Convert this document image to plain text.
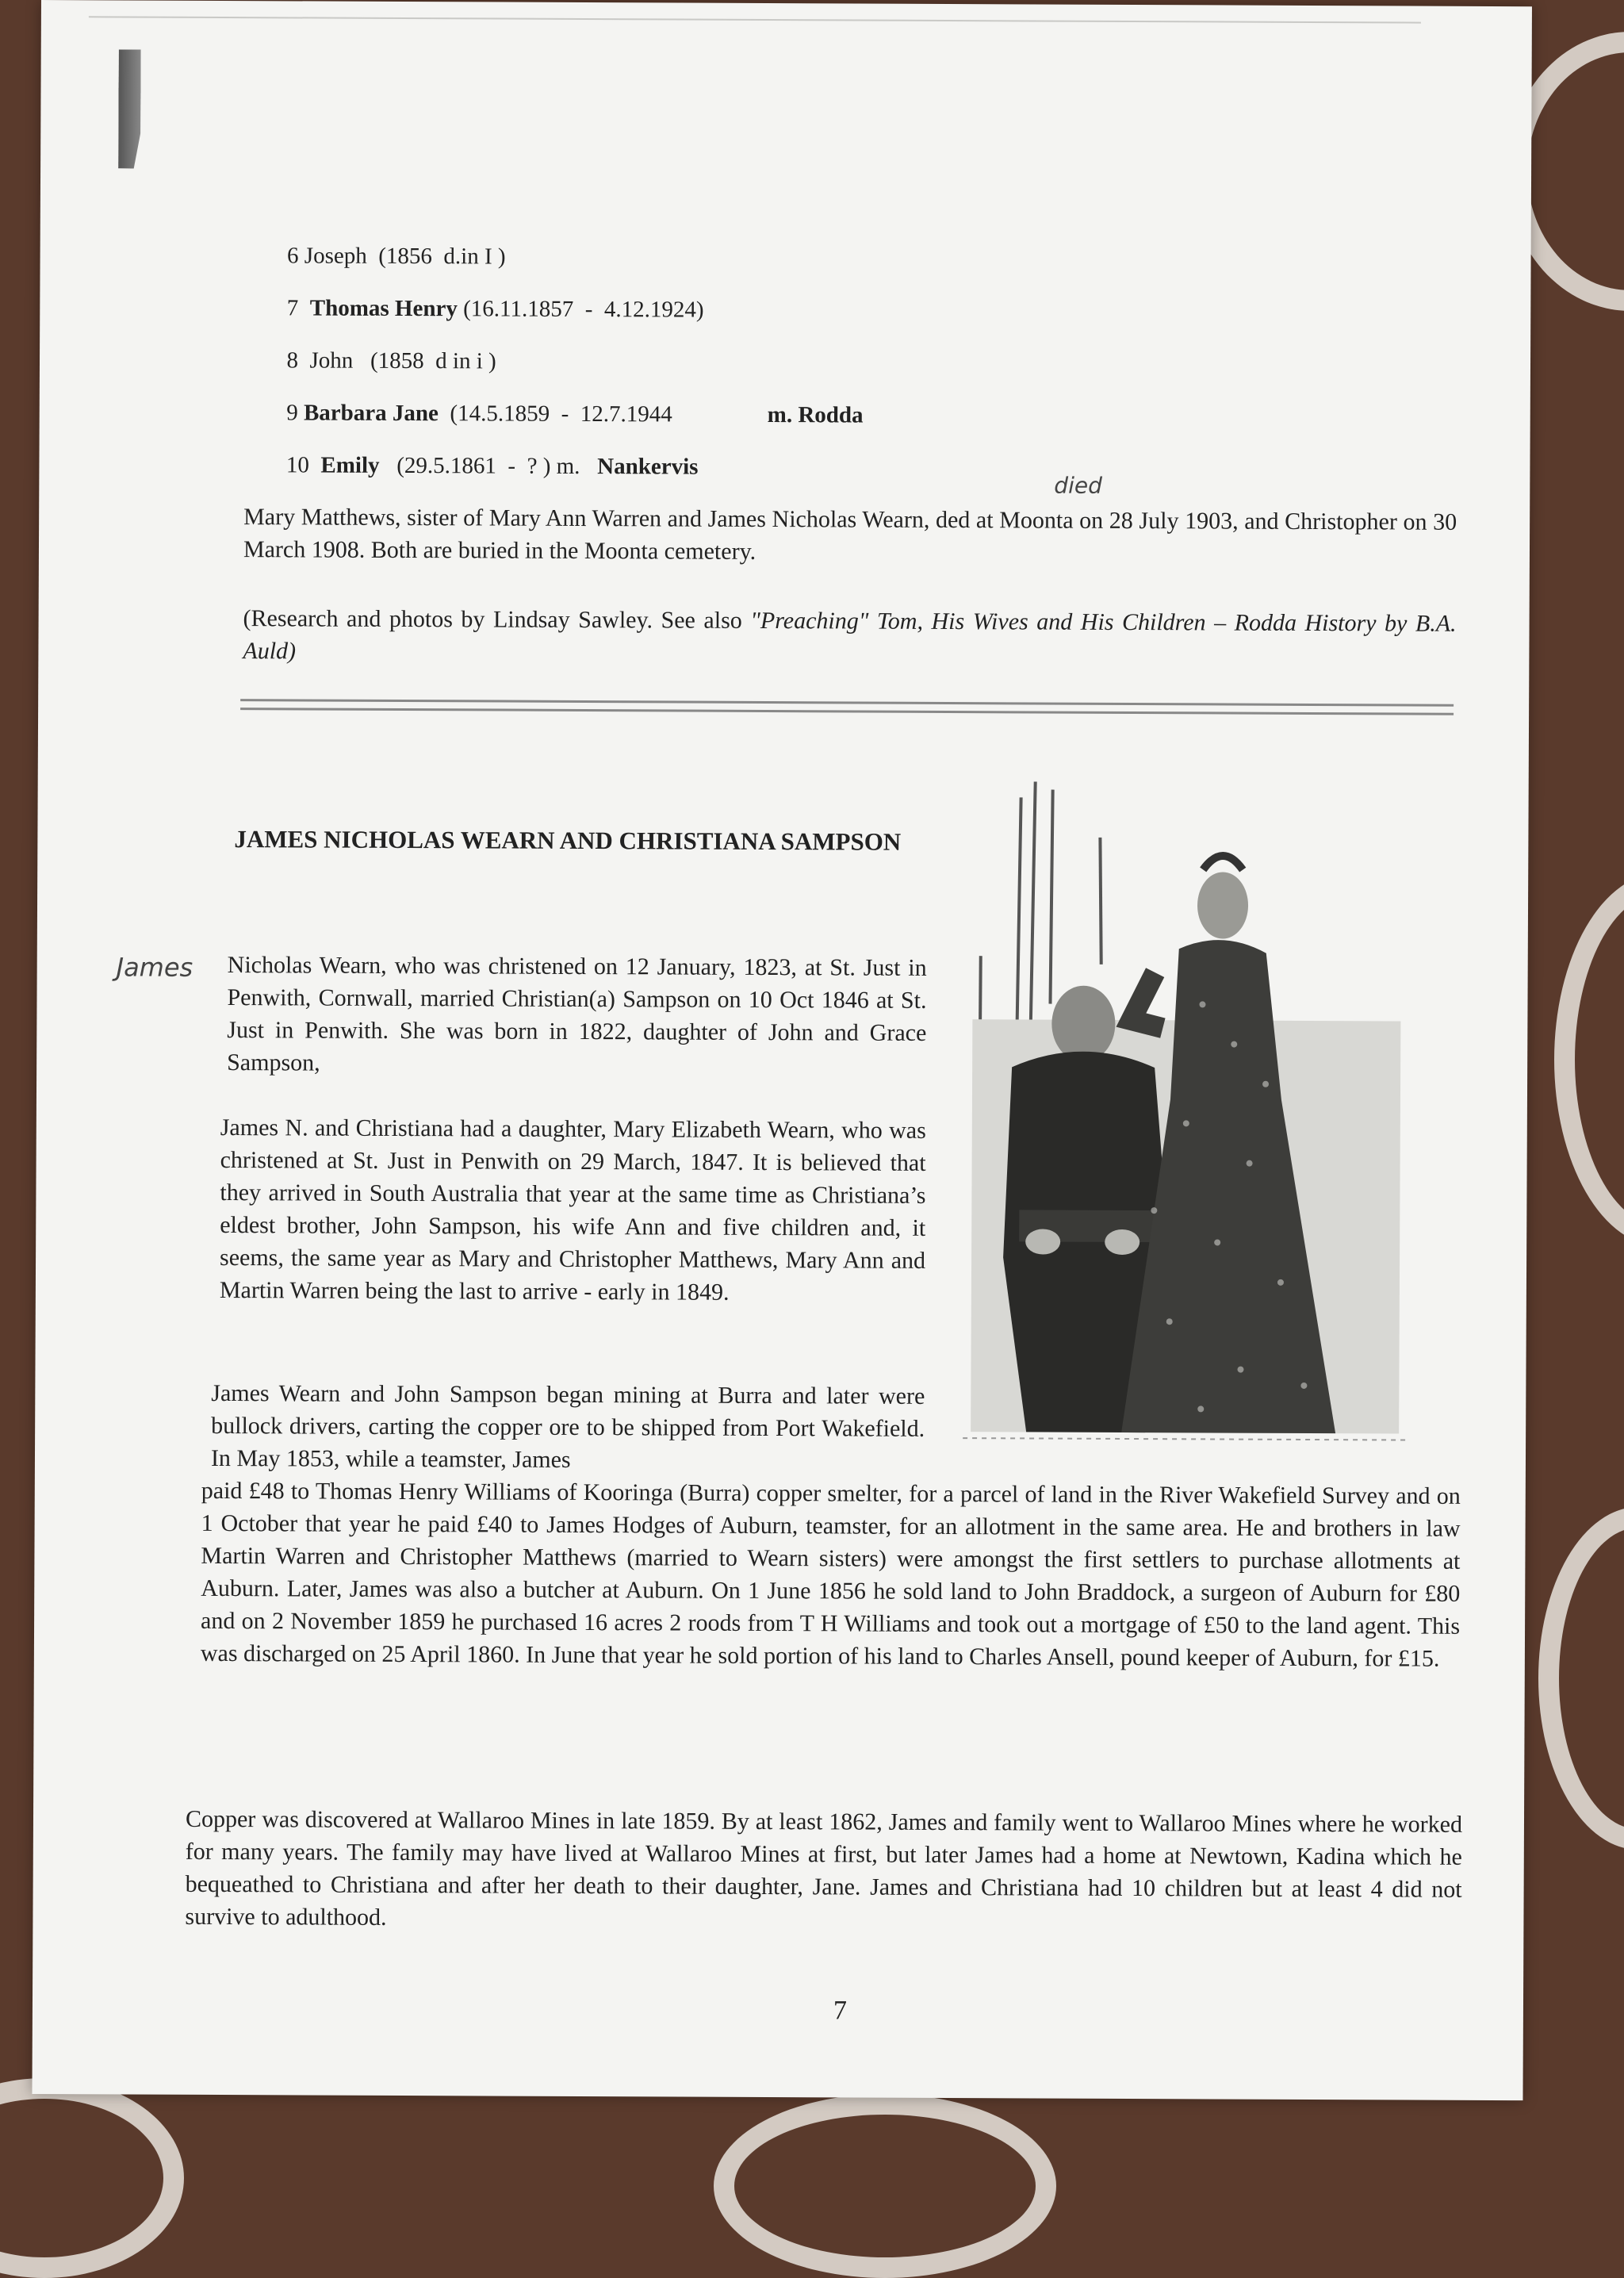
6 Joseph (1856  d.in I )

7 Thomas Henry (16.11.1857  -  4.12.1924)

8 John (1858  d in i )

9 Barbara Jane (14.5.1859  -  12.7.1944	m. Rodda

10 Emily (29.5.1861  -  ? ) m. Nankervis

died
Mary Matthews, sister of Mary Ann Warren and James Nicholas Wearn, ded at Moonta on 28 July 1903, and Christopher on 30 March 1908. Both are buried in the Moonta cemetery.
(Research and photos by Lindsay Sawley. See also "Preaching" Tom, His Wives and His Children – Rodda History by B.A. Auld)
JAMES NICHOLAS WEARN AND CHRISTIANA SAMPSON
James Nicholas Wearn, who was christened on 12 January, 1823, at St. Just in Penwith, Cornwall, married Christian(a) Sampson on 10 Oct 1846 at St. Just in Penwith. She was born in 1822, daughter of John and Grace Sampson,
James N. and Christiana had a daughter, Mary Elizabeth Wearn, who was christened at St. Just in Penwith on 29 March, 1847. It is believed that they arrived in South Australia that year at the same time as Christiana’s eldest brother, John Sampson, his wife Ann and five children and, it seems, the same year as Mary and Christopher Matthews, Mary Ann and Martin Warren being the last to arrive - early in 1849.
James Wearn and John Sampson began mining at Burra and later were bullock drivers, carting the copper ore to be shipped from Port Wakefield. In May 1853, while a teamster, James
paid £48 to Thomas Henry Williams of Kooringa (Burra) copper smelter, for a parcel of land in the River Wakefield Survey and on 1 October that year he paid £40 to James Hodges of Auburn, teamster, for an allotment in the same area. He and brothers in law Martin Warren and Christopher Matthews (married to Wearn sisters) were amongst the first settlers to purchase allotments at Auburn. Later, James was also a butcher at Auburn. On 1 June 1856 he sold land to John Braddock, a surgeon of Auburn for £80 and on 2 November 1859 he purchased 16 acres 2 roods from T H Williams and took out a mortgage of £50 to the land agent. This was discharged on 25 April 1860. In June that year he sold portion of his land to Charles Ansell, pound keeper of Auburn, for £15.
Copper was discovered at Wallaroo Mines in late 1859. By at least 1862, James and family went to Wallaroo Mines where he worked for many years. The family may have lived at Wallaroo Mines at first, but later James had a home at Newtown, Kadina which he bequeathed to Christiana and after her death to their daughter, Jane. James and Christiana had 10 children but at least 4 did not survive to adulthood.
7
